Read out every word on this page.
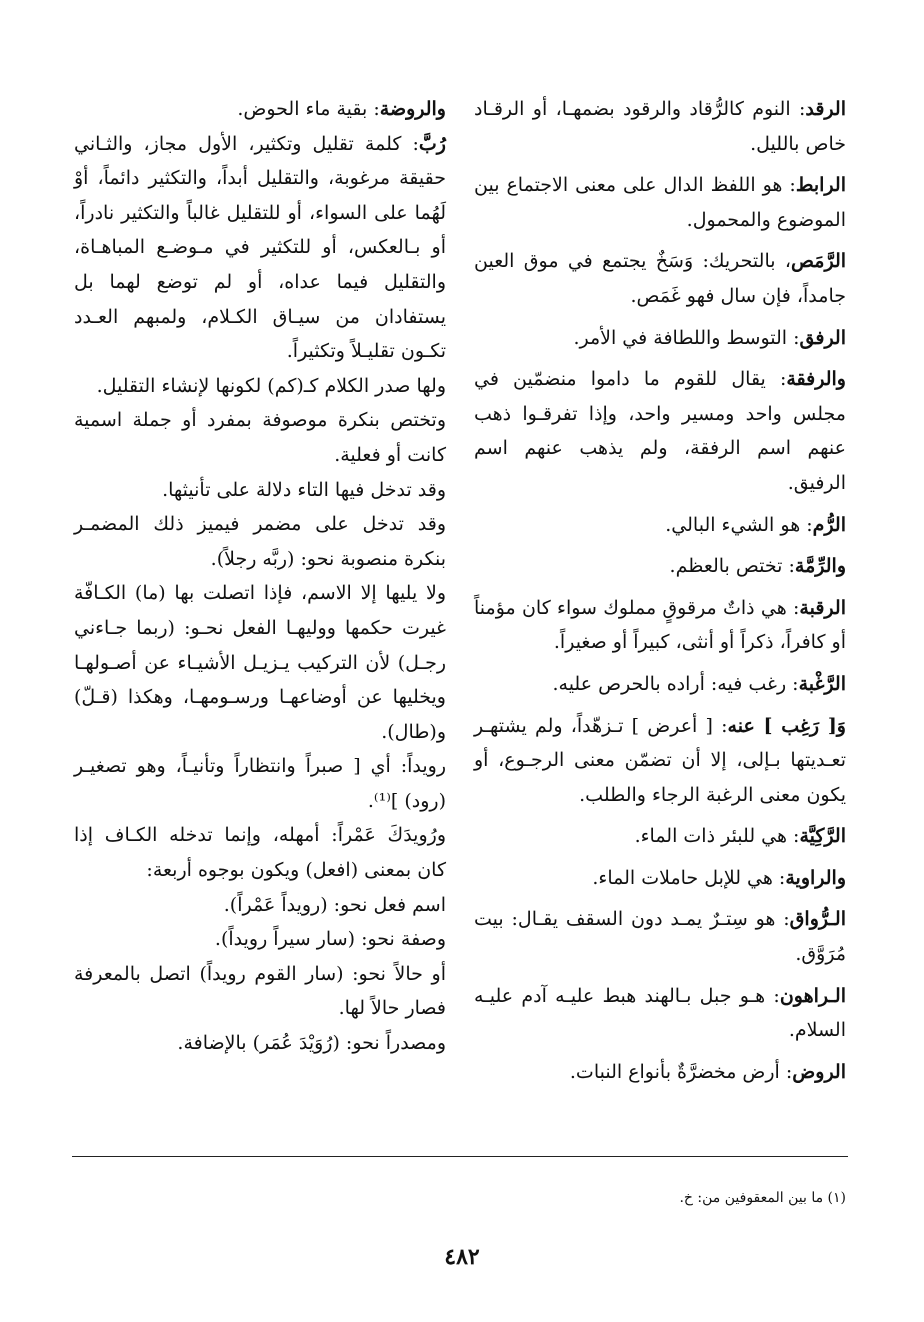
الرقد: النوم كالرُّقاد والرقود بضمهـا، أو الرقـاد خاص بالليل.

الرابط: هو اللفظ الدال على معنى الاجتماع بين الموضوع والمحمول.

الرَّمَص، بالتحريك: وَسَخٌ يجتمع في موق العين جامداً، فإن سال فهو غَمَص.

الرفق: التوسط واللطافة في الأمر.

والرفقة: يقال للقوم ما داموا منضمّين في مجلس واحد ومسير واحد، وإذا تفرقـوا ذهب عنهم اسم الرفقة، ولم يذهب عنهم اسم الرفيق.

الرُّم: هو الشيء البالي.

والرِّمَّة: تختص بالعظم.

الرقبة: هي ذاتٌ مرقوقٍ مملوك سواء كان مؤمناً أو كافراً، ذكراً أو أنثى، كبيراً أو صغيراً.

الرَّغْبة: رغب فيه: أراده بالحرص عليه.

وَ[ رَغِب ] عنه: [ أعرض ] تـزهّداً، ولم يشتهـر تعـديتها بـإلى، إلا أن تضمّن معنى الرجـوع، أو يكون معنى الرغبة الرجاء والطلب.

الرَّكِيَّة: هي للبئر ذات الماء.

والراوية: هي للإبل حاملات الماء.

الـرُّواق: هو سِتـرٌ يمـد دون السقف يقـال: بيت مُرَوَّق.

الـراهون: هـو جبل بـالهند هبط عليـه آدم عليـه السلام.

الروض: أرض مخضرَّةٌ بأنواع النبات.

والروضة: بقية ماء الحوض.

رُبَّ: كلمة تقليل وتكثير، الأول مجاز، والثـاني حقيقة مرغوبة، والتقليل أبداً، والتكثير دائماً، أوْ لَهُما على السواء، أو للتقليل غالباً والتكثير نادراً، أو بـالعكس، أو للتكثير في مـوضـع المباهـاة، والتقليل فيما عداه، أو لم توضع لهما بل يستفادان من سيـاق الكـلام، ولمبهم العـدد تكـون تقليـلاً وتكثيراً.

ولها صدر الكلام كـ(كم) لكونها لإنشاء التقليل.

وتختص بنكرة موصوفة بمفرد أو جملة اسمية كانت أو فعلية.

وقد تدخل فيها التاء دلالة على تأنيثها.

وقد تدخل على مضمر فيميز ذلك المضمـر بنكرة منصوبة نحو: (ربَّه رجلاً).

ولا يليها إلا الاسم، فإذا اتصلت بها (ما) الكـافّة غيرت حكمها ووليهـا الفعل نحـو: (ربما جـاءني رجـل) لأن التركيب يـزيـل الأشيـاء عن أصـولهـا ويخليها عن أوضاعهـا ورسـومهـا، وهكذا (قـلّ) و(طال).

رويداً: أي [ صبراً وانتظاراً وتأنيـاً، وهو تصغيـر (رود) ]⁽¹⁾.

ورُويدَكَ عَمْراً: أمهله، وإنما تدخله الكـاف إذا كان بمعنى (افعل) ويكون بوجوه أربعة:

اسم فعل نحو: (رويداً عَمْراً).

وصفة نحو: (سار سيراً رويداً).

أو حالاً نحو: (سار القوم رويداً) اتصل بالمعرفة فصار حالاً لها.

ومصدراً نحو: (رُوَيْدَ عُمَر) بالإضافة.

(١) ما بين المعقوفين من: خ.
٤٨٢
